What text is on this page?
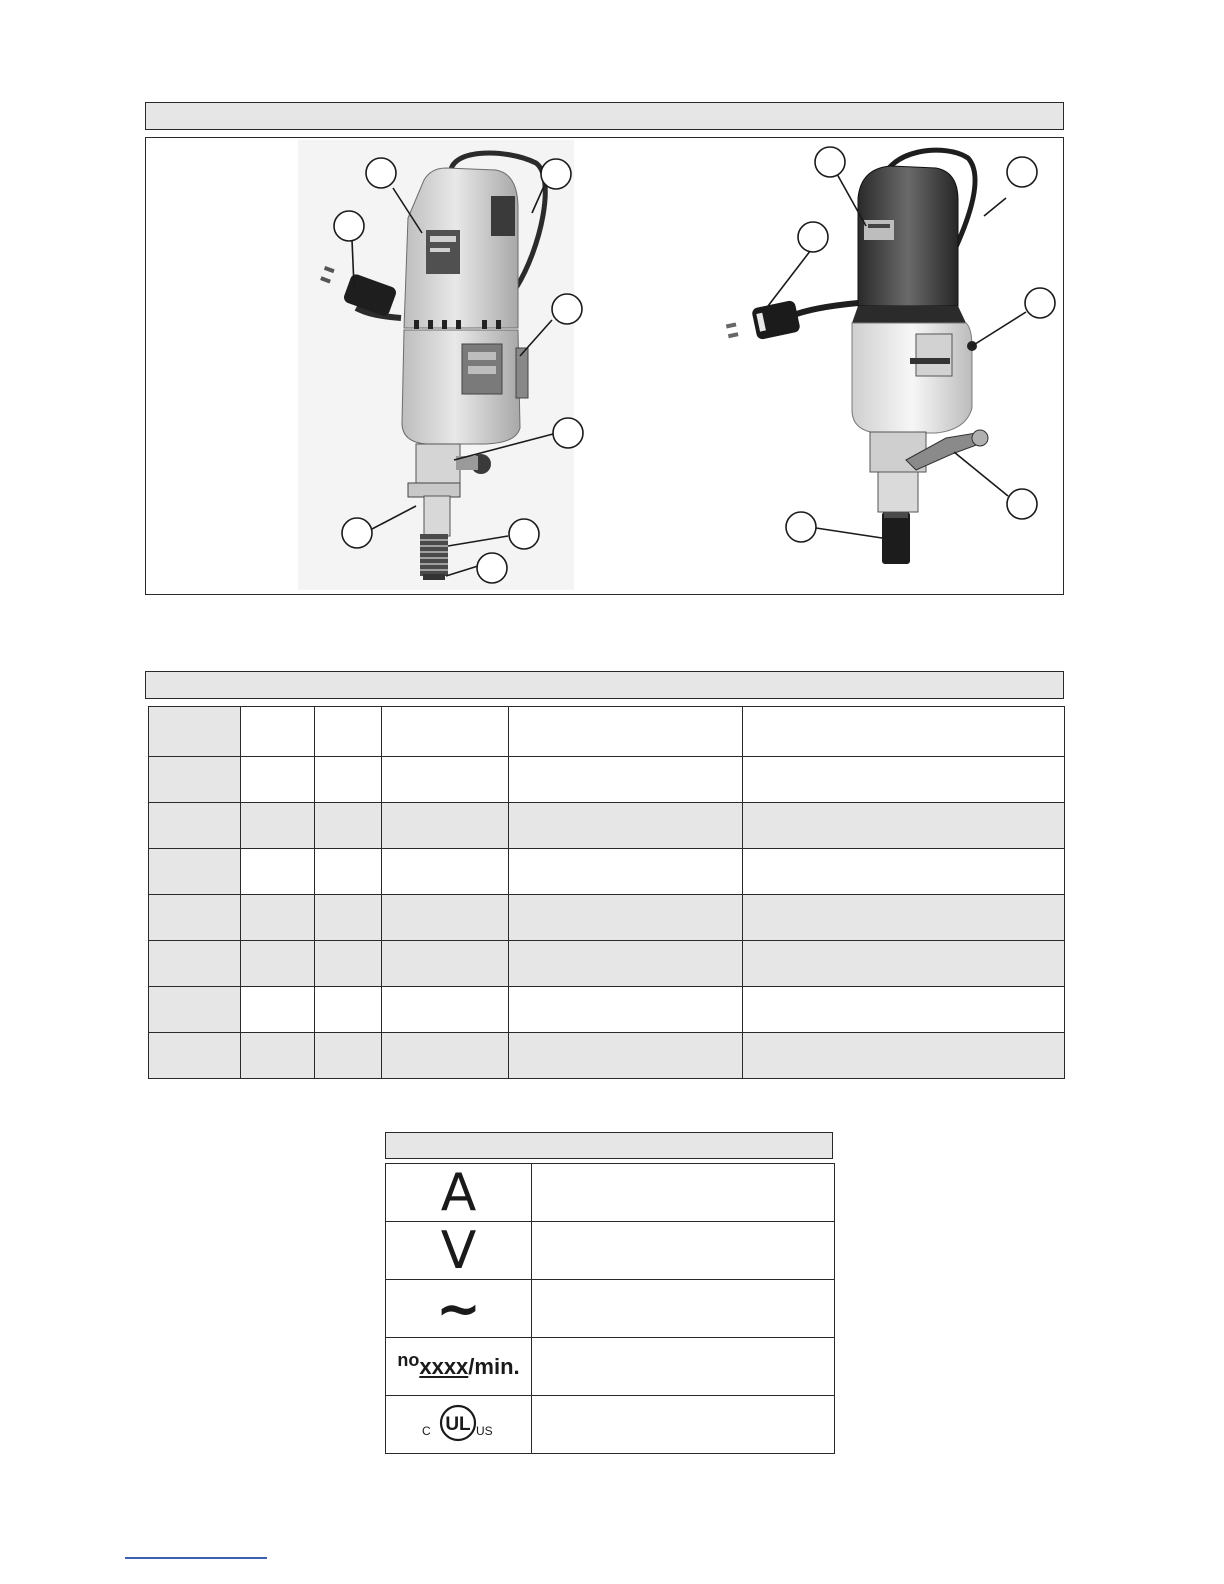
A	
V	
~	
$^{no}$xxxx/min.	

C UL US	
